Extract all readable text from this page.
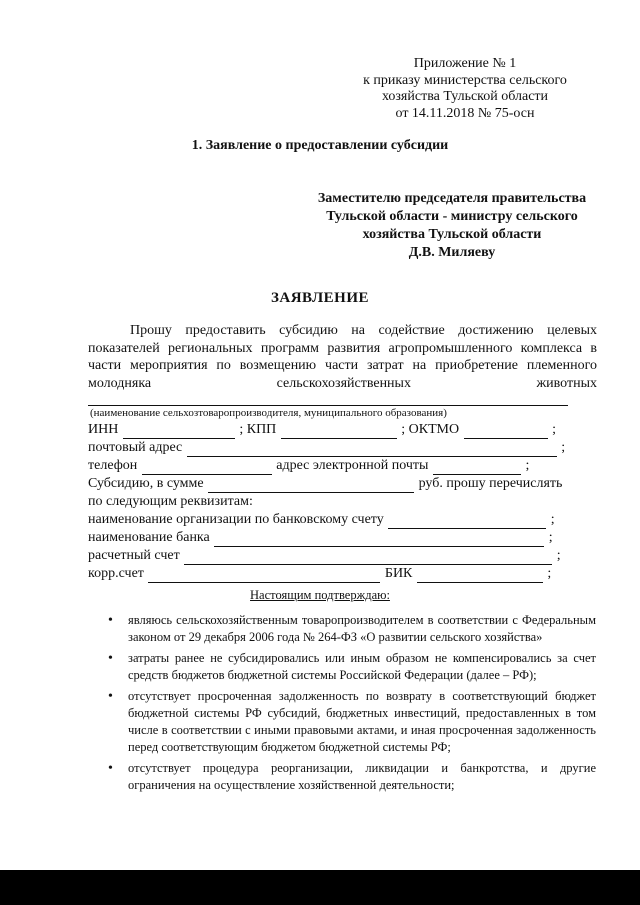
Приложение № 1
к приказу министерства сельского
хозяйства Тульской области
от 14.11.2018 № 75-осн
1. Заявление о предоставлении субсидии
Заместителю председателя правительства
Тульской области - министру сельского
хозяйства Тульской области
Д.В. Миляеву
ЗАЯВЛЕНИЕ

Прошу предоставить субсидию на содействие достижению целевых показателей региональных программ развития агропромышленного комплекса в части мероприятия по возмещению части затрат на приобретение племенного молодняка сельскохозяйственных животных

(наименование сельхозтоваропроизводителя, муниципального образования)
ИНН	; КПП	; ОКТМО	;
почтовый адрес	;
телефон	адрес электронной почты	;
Субсидию, в сумме	руб. прошу перечислять
по следующим реквизитам:
наименование организации по банковскому счету	;
наименование банка	;
расчетный счет	;
корр.счет	БИК	;
Настоящим подтверждаю:
• являюсь сельскохозяйственным товаропроизводителем в соответствии с Федеральным законом от 29 декабря 2006 года № 264-ФЗ «О развитии сельского хозяйства»
• затраты ранее не субсидировались или иным образом не компенсировались за счет средств бюджетов бюджетной системы Российской Федерации (далее – РФ);
• отсутствует просроченная задолженность по возврату в соответствующий бюджет бюджетной системы РФ субсидий, бюджетных инвестиций, предоставленных в том числе в соответствии с иными правовыми актами, и иная просроченная задолженность перед соответствующим бюджетом бюджетной системы РФ;
• отсутствует процедура реорганизации, ликвидации и банкротства, и другие ограничения на осуществление хозяйственной деятельности;
